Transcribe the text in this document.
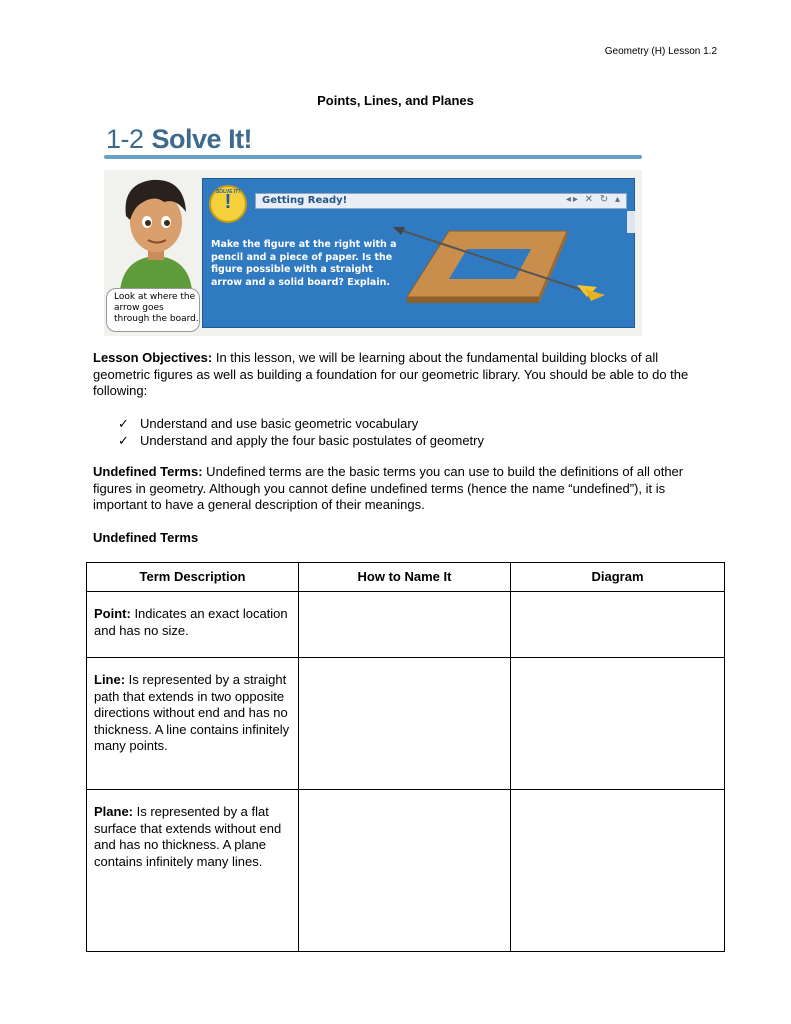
Geometry (H) Lesson 1.2
Points, Lines, and Planes
1-2 Solve It!
Look at where the arrow goes through the board.
SOLVE IT!
!	Getting Ready!	◂▸ ✕ ↻ ▴
Make the figure at the right with a pencil and a piece of paper. Is the figure possible with a straight arrow and a solid board? Explain.
Lesson Objectives: In this lesson, we will be learning about the fundamental building blocks of all geometric figures as well as building a foundation for our geometric library. You should be able to do the following:
✓ Understand and use basic geometric vocabulary
✓ Understand and apply the four basic postulates of geometry
Undefined Terms: Undefined terms are the basic terms you can use to build the definitions of all other figures in geometry. Although you cannot define undefined terms (hence the name “undefined”), it is important to have a general description of their meanings.
Undefined Terms
Term Description	How to Name It	Diagram

Point: Indicates an exact location and has no size.		

Line: Is represented by a straight path that extends in two opposite directions without end and has no thickness. A line contains infinitely many points.		

Plane: Is represented by a flat surface that extends without end and has no thickness. A plane contains infinitely many lines.		
